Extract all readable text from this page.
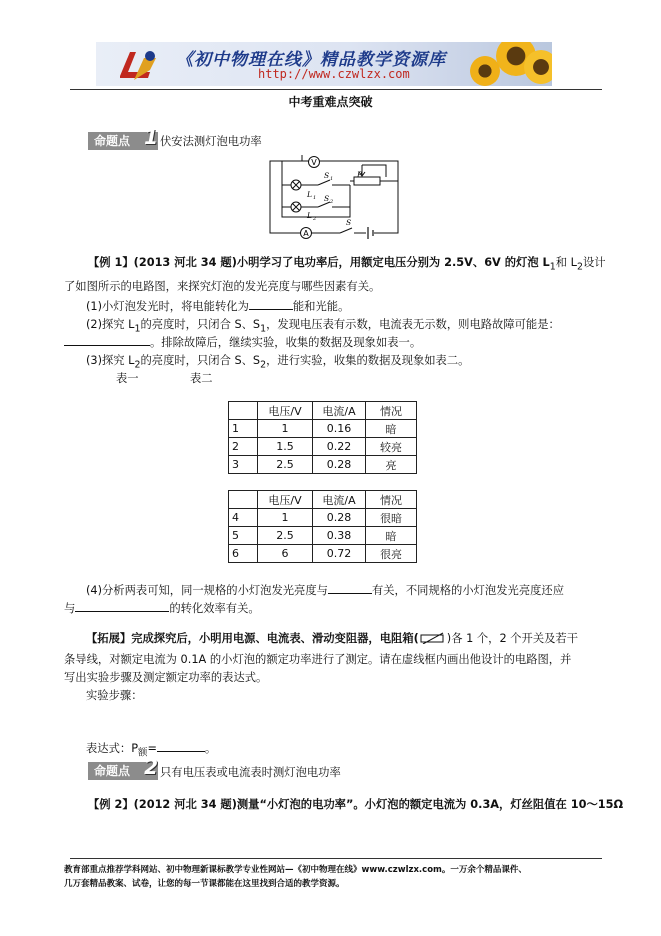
《初中物理在线》精品教学资源库
http://www.czwlzx.com
中考重难点突破
命题点 1 伏安法测灯泡电功率
V
A
S 1
S 2
S
P
L 1
L 2
【例 1】(2013 河北 34 题)小明学习了电功率后，用额定电压分别为 2.5V、6V 的灯泡 $L_1$和 $L_2$设计
了如图所示的电路图，来探究灯泡的发光亮度与哪些因素有关。
(1)小灯泡发光时，将电能转化为	能和光能。
(2)探究 $L_1$的亮度时，只闭合 S、$S_1$，发现电压表有示数，电流表无示数，则电路故障可能是：
。排除故障后，继续实验，收集的数据及现象如表一。
(3)探究 $L_2$的亮度时，只闭合 S、$S_2$，进行实验，收集的数据及现象如表二。
表一	表二
	电压/V	电流/A	情况
1	1	0.16	暗
2	1.5	0.22	较亮
3	2.5	0.28	亮
	电压/V	电流/A	情况
4	1	0.28	很暗
5	2.5	0.38	暗
6	6	0.72	很亮
(4)分析两表可知，同一规格的小灯泡发光亮度与	有关，不同规格的小灯泡发光亮度还应
与	的转化效率有关。
【拓展】完成探究后，小明用电源、电流表、滑动变阻器，电阻箱( )各 1 个，2 个开关及若干
条导线，对额定电流为 0.1A 的小灯泡的额定功率进行了测定。请在虚线框内画出他设计的电路图，并
写出实验步骤及测定额定功率的表达式。
实验步骤：
表达式：$P_额=$	。
命题点 2 只有电压表或电流表时测灯泡电功率
【例 2】(2012 河北 34 题)测量“小灯泡的电功率”。小灯泡的额定电流为 0.3A，灯丝阻值在 10～15Ω
教育部重点推荐学科网站、初中物理新课标教学专业性网站—《初中物理在线》www.czwlzx.com。一万余个精品课件、
几万套精品教案、试卷，让您的每一节课都能在这里找到合适的教学资源。
